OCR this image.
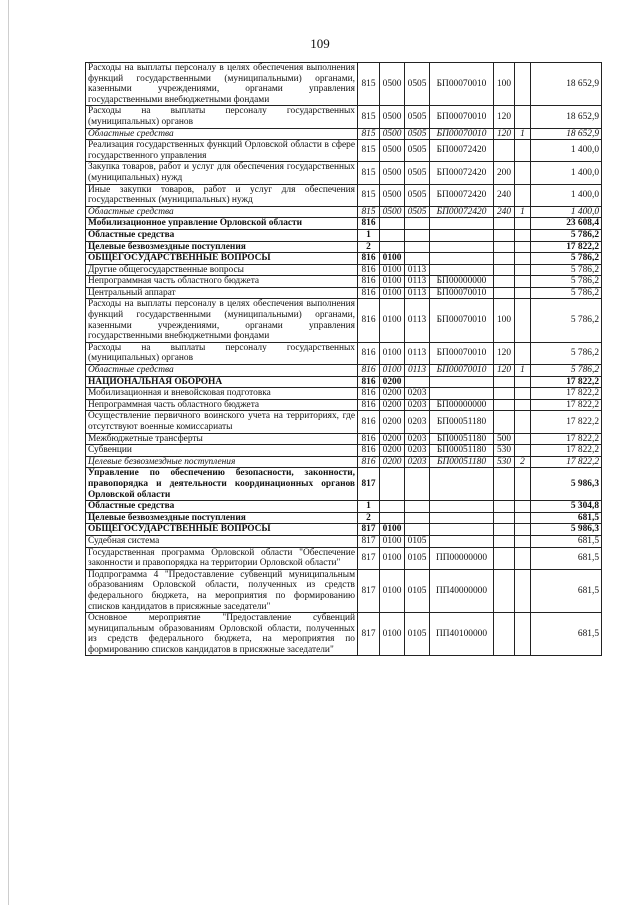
109
Расходы на выплаты персоналу в целях обеспечения выполнения функций государственными (муниципальными) органами, казенными учреждениями, органами управления государственными внебюджетными фондами	815	0500	0505	БП00070010	100		18 652,9
Расходы на выплаты персоналу государственных (муниципальных) органов	815	0500	0505	БП00070010	120		18 652,9
Областные средства	815	0500	0505	БП00070010	120	1	18 652,9
Реализация государственных функций Орловской области в сфере государственного управления	815	0500	0505	БП00072420			1 400,0
Закупка товаров, работ и услуг для обеспечения государственных (муниципальных) нужд	815	0500	0505	БП00072420	200		1 400,0
Иные закупки товаров, работ и услуг для обеспечения государственных (муниципальных) нужд	815	0500	0505	БП00072420	240		1 400,0
Областные средства	815	0500	0505	БП00072420	240	1	1 400,0
Мобилизационное управление Орловской области	816						23 608,4
Областные средства	1						5 786,2
Целевые безвозмездные поступления	2						17 822,2
ОБЩЕГОСУДАРСТВЕННЫЕ ВОПРОСЫ	816	0100					5 786,2
Другие общегосударственные вопросы	816	0100	0113				5 786,2
Непрограммная часть областного бюджета	816	0100	0113	БП00000000			5 786,2
Центральный аппарат	816	0100	0113	БП00070010			5 786,2
Расходы на выплаты персоналу в целях обеспечения выполнения функций государственными (муниципальными) органами, казенными учреждениями, органами управления государственными внебюджетными фондами	816	0100	0113	БП00070010	100		5 786,2
Расходы на выплаты персоналу государственных (муниципальных) органов	816	0100	0113	БП00070010	120		5 786,2
Областные средства	816	0100	0113	БП00070010	120	1	5 786,2
НАЦИОНАЛЬНАЯ ОБОРОНА	816	0200					17 822,2
Мобилизационная и вневойсковая подготовка	816	0200	0203				17 822,2
Непрограммная часть областного бюджета	816	0200	0203	БП00000000			17 822,2
Осуществление первичного воинского учета на территориях, где отсутствуют военные комиссариаты	816	0200	0203	БП00051180			17 822,2
Межбюджетные трансферты	816	0200	0203	БП00051180	500		17 822,2
Субвенции	816	0200	0203	БП00051180	530		17 822,2
Целевые безвозмездные поступления	816	0200	0203	БП00051180	530	2	17 822,2
Управление по обеспечению безопасности, законности, правопорядка и деятельности координационных органов Орловской области	817						5 986,3
Областные средства	1						5 304,8
Целевые безвозмездные поступления	2						681,5
ОБЩЕГОСУДАРСТВЕННЫЕ ВОПРОСЫ	817	0100					5 986,3
Судебная система	817	0100	0105				681,5
Государственная программа Орловской области "Обеспечение законности и правопорядка на территории Орловской области"	817	0100	0105	ПП00000000			681,5
Подпрограмма 4 "Предоставление субвенций муниципальным образованиям Орловской области, полученных из средств федерального бюджета, на мероприятия по формированию списков кандидатов в присяжные заседатели"	817	0100	0105	ПП40000000			681,5
Основное мероприятие "Предоставление субвенций муниципальным образованиям Орловской области, полученных из средств федерального бюджета, на мероприятия по формированию списков кандидатов в присяжные заседатели"	817	0100	0105	ПП40100000			681,5
